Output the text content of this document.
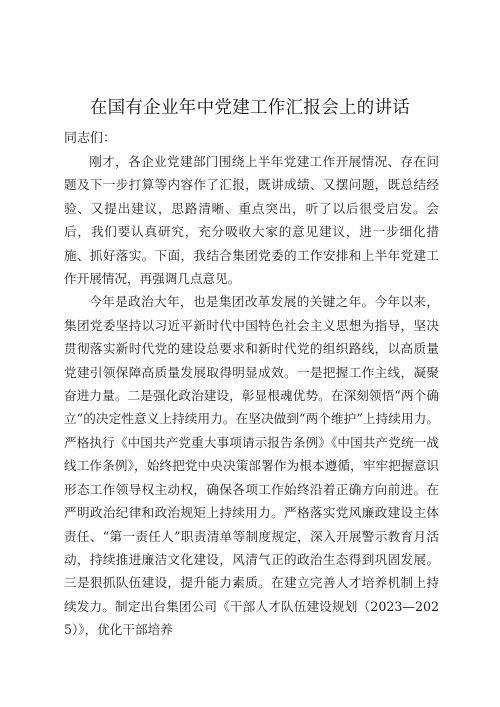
在国有企业年中党建工作汇报会上的讲话
同志们：

刚才，各企业党建部门围绕上半年党建工作开展情况、存在问题及下一步打算等内容作了汇报，既讲成绩、又摆问题，既总结经验、又提出建议，思路清晰、重点突出，听了以后很受启发。会后，我们要认真研究，充分吸收大家的意见建议，进一步细化措施、抓好落实。下面，我结合集团党委的工作安排和上半年党建工作开展情况，再强调几点意见。

今年是政治大年，也是集团改革发展的关键之年。今年以来，集团党委坚持以习近平新时代中国特色社会主义思想为指导，坚决贯彻落实新时代党的建设总要求和新时代党的组织路线，以高质量党建引领保障高质量发展取得明显成效。一是把握工作主线，凝聚奋进力量。二是强化政治建设，彰显根魂优势。在深刻领悟“两个确立”的决定性意义上持续用力。在坚决做到“两个维护”上持续用力。严格执行《中国共产党重大事项请示报告条例》《中国共产党统一战线工作条例》，始终把党中央决策部署作为根本遵循，牢牢把握意识形态工作领导权主动权，确保各项工作始终沿着正确方向前进。在严明政治纪律和政治规矩上持续用力。严格落实党风廉政建设主体责任、“第一责任人”职责清单等制度规定，深入开展警示教育月活动，持续推进廉洁文化建设，风清气正的政治生态得到巩固发展。三是狠抓队伍建设，提升能力素质。在建立完善人才培养机制上持续发力。制定出台集团公司《干部人才队伍建设规划（2023—2025）》，优化干部培养
